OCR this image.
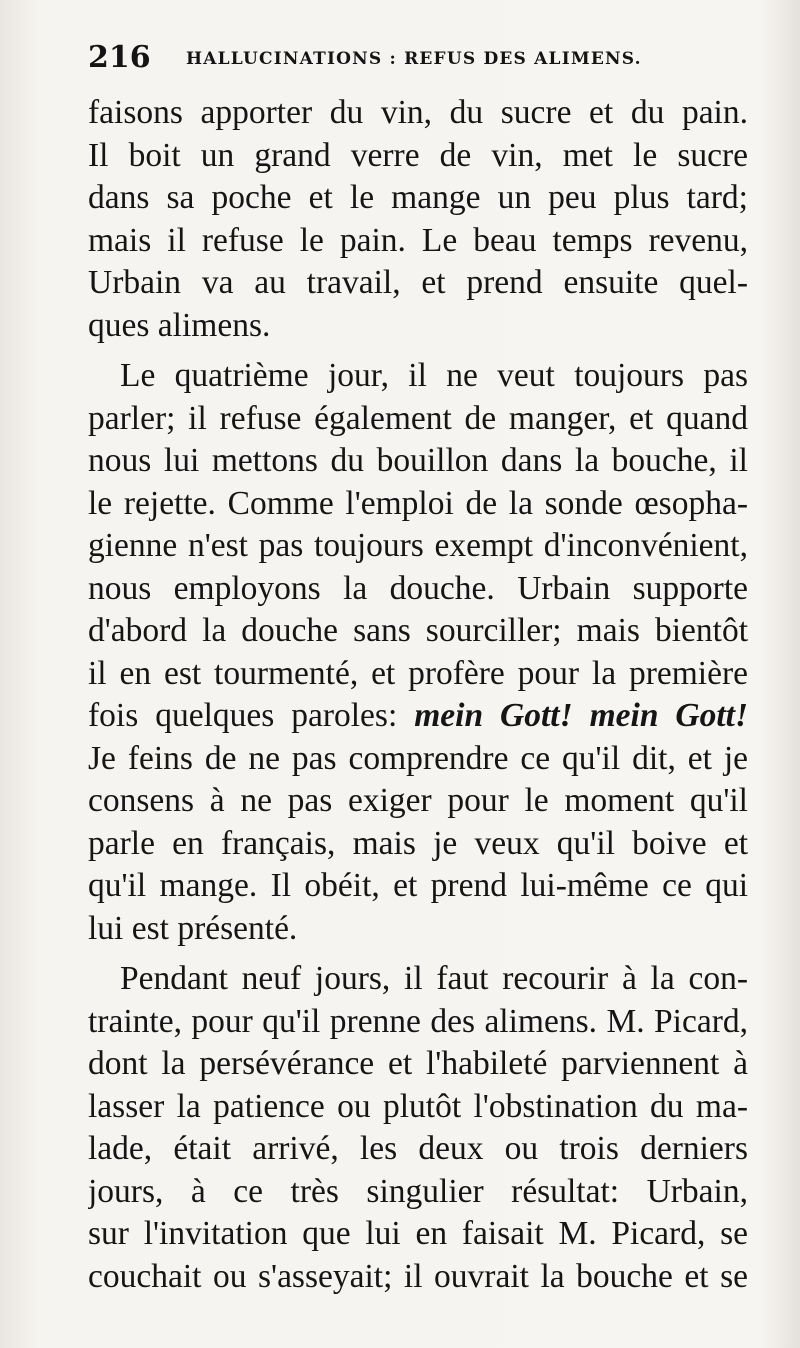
216 HALLUCINATIONS : REFUS DES ALIMENS.
faisons apporter du vin, du sucre et du pain.
Il boit un grand verre de vin, met le sucre
dans sa poche et le mange un peu plus tard;
mais il refuse le pain. Le beau temps revenu,
Urbain va au travail, et prend ensuite quel-
ques alimens.
Le quatrième jour, il ne veut toujours pas
parler; il refuse également de manger, et quand
nous lui mettons du bouillon dans la bouche, il
le rejette. Comme l'emploi de la sonde œsopha-
gienne n'est pas toujours exempt d'inconvénient,
nous employons la douche. Urbain supporte
d'abord la douche sans sourciller; mais bientôt
il en est tourmenté, et profère pour la première
fois quelques paroles: mein Gott! mein Gott!
Je feins de ne pas comprendre ce qu'il dit, et je
consens à ne pas exiger pour le moment qu'il
parle en français, mais je veux qu'il boive et
qu'il mange. Il obéit, et prend lui-même ce qui
lui est présenté.
Pendant neuf jours, il faut recourir à la con-
trainte, pour qu'il prenne des alimens. M. Picard,
dont la persévérance et l'habileté parviennent à
lasser la patience ou plutôt l'obstination du ma-
lade, était arrivé, les deux ou trois derniers
jours, à ce très singulier résultat: Urbain,
sur l'invitation que lui en faisait M. Picard, se
couchait ou s'asseyait; il ouvrait la bouche et se
